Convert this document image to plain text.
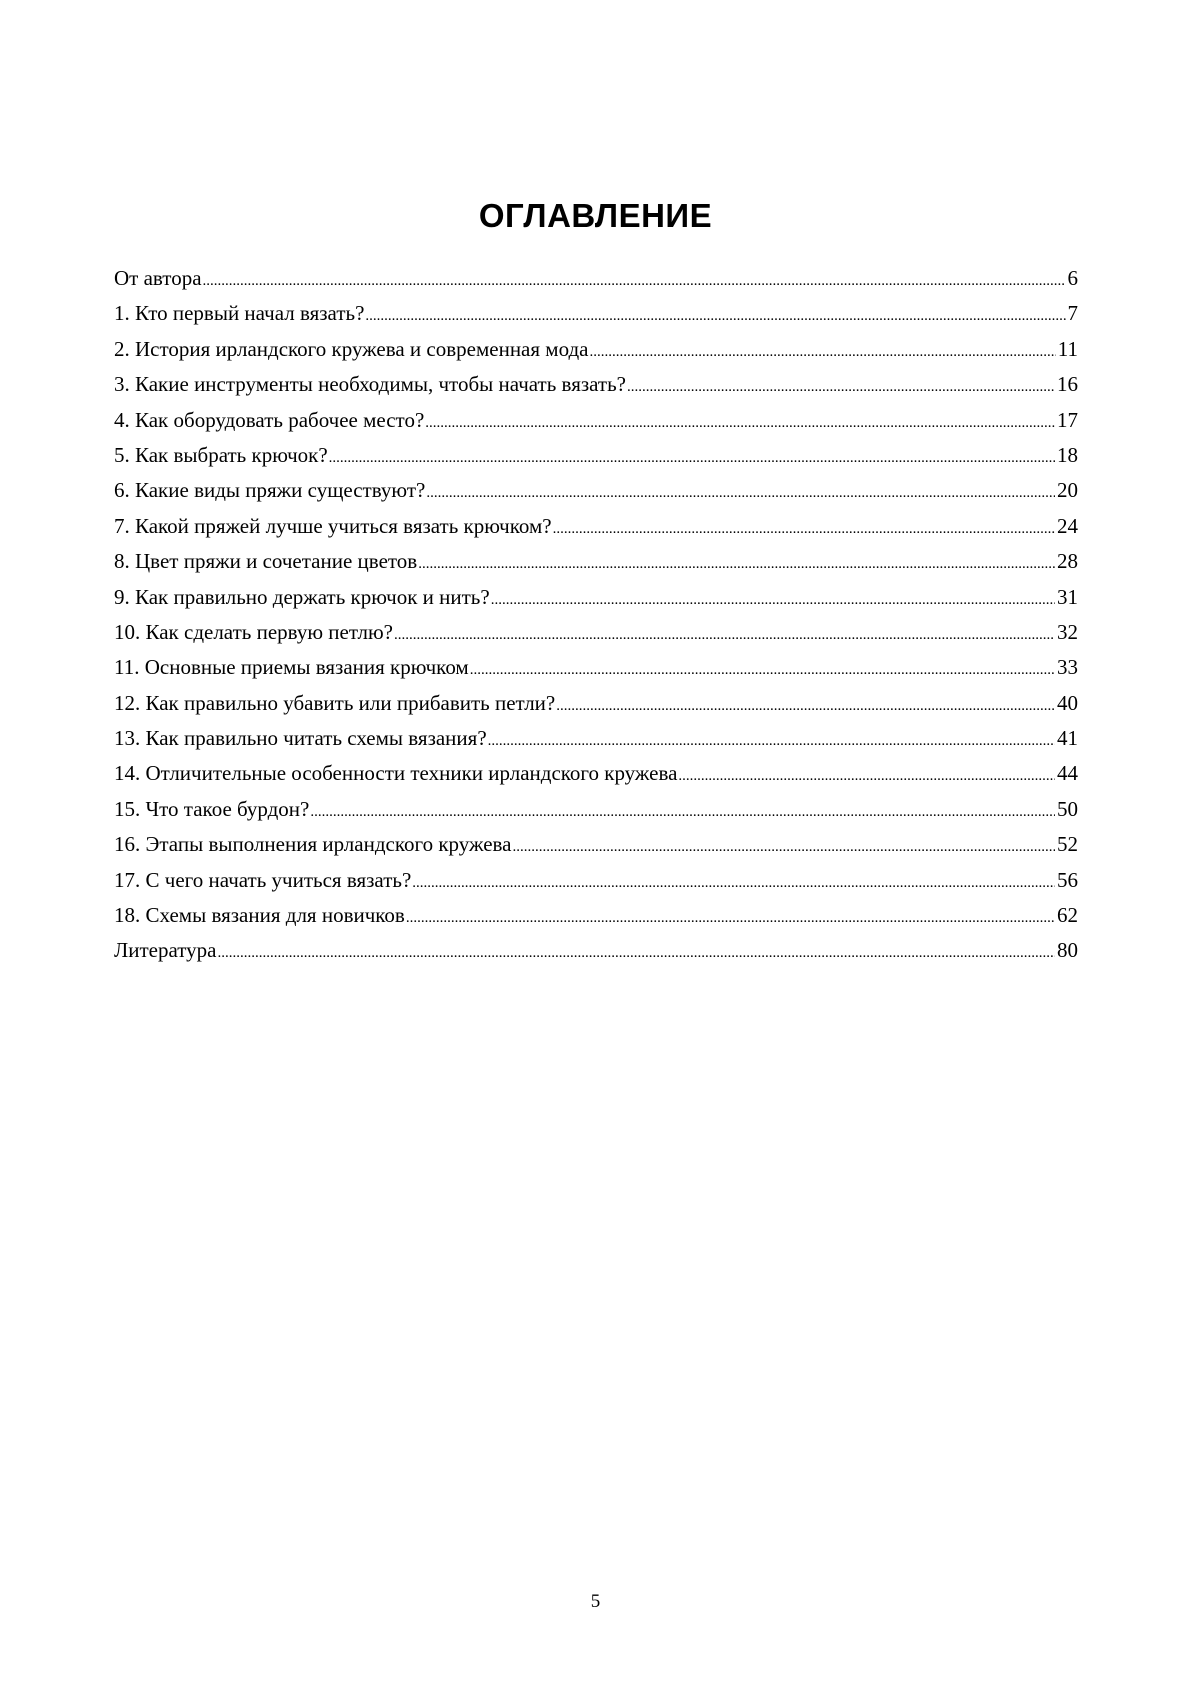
ОГЛАВЛЕНИЕ
От автора .....	6
1. Кто первый начал вязать? .....	7
2. История ирландского кружева и современная мода .....	11
3. Какие инструменты необходимы, чтобы начать вязать? .....	16
4. Как оборудовать рабочее место? .....	17
5. Как выбрать крючок? .....	18
6. Какие виды пряжи существуют? .....	20
7. Какой пряжей лучше учиться вязать крючком? .....	24
8. Цвет пряжи и сочетание цветов .....	28
9. Как правильно держать крючок и нить? .....	31
10. Как сделать первую петлю? .....	32
11. Основные приемы вязания крючком .....	33
12. Как правильно убавить или прибавить петли? .....	40
13. Как правильно читать схемы вязания? .....	41
14. Отличительные особенности техники ирландского кружева .....	44
15. Что такое бурдон? .....	50
16. Этапы выполнения ирландского кружева .....	52
17. С чего начать учиться вязать? .....	56
18. Схемы вязания для новичков .....	62
Литература .....	80
5
